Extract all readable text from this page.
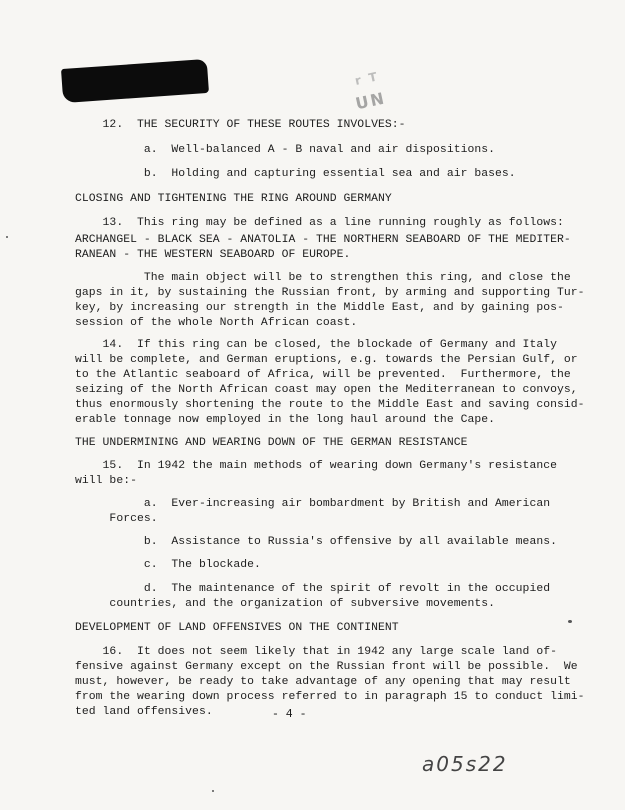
r T
UN
12.  THE SECURITY OF THESE ROUTES INVOLVES:-
a.  Well-balanced A - B naval and air dispositions.
b.  Holding and capturing essential sea and air bases.
CLOSING AND TIGHTENING THE RING AROUND GERMANY
13.  This ring may be defined as a line running roughly as follows:
ARCHANGEL - BLACK SEA - ANATOLIA - THE NORTHERN SEABOARD OF THE MEDITER-
RANEAN - THE WESTERN SEABOARD OF EUROPE.
The main object will be to strengthen this ring, and close the
gaps in it, by sustaining the Russian front, by arming and supporting Tur-
key, by increasing our strength in the Middle East, and by gaining pos-
session of the whole North African coast.
14.  If this ring can be closed, the blockade of Germany and Italy
will be complete, and German eruptions, e.g. towards the Persian Gulf, or
to the Atlantic seaboard of Africa, will be prevented.  Furthermore, the
seizing of the North African coast may open the Mediterranean to convoys,
thus enormously shortening the route to the Middle East and saving consid-
erable tonnage now employed in the long haul around the Cape.
THE UNDERMINING AND WEARING DOWN OF THE GERMAN RESISTANCE
15.  In 1942 the main methods of wearing down Germany's resistance
will be:-
a.  Ever-increasing air bombardment by British and American
Forces.
b.  Assistance to Russia's offensive by all available means.
c.  The blockade.
d.  The maintenance of the spirit of revolt in the occupied
countries, and the organization of subversive movements.
DEVELOPMENT OF LAND OFFENSIVES ON THE CONTINENT
16.  It does not seem likely that in 1942 any large scale land of-
fensive against Germany except on the Russian front will be possible.  We
must, however, be ready to take advantage of any opening that may result
from the wearing down process referred to in paragraph 15 to conduct limi-
ted land offensives.	- 4 -
a05s22
